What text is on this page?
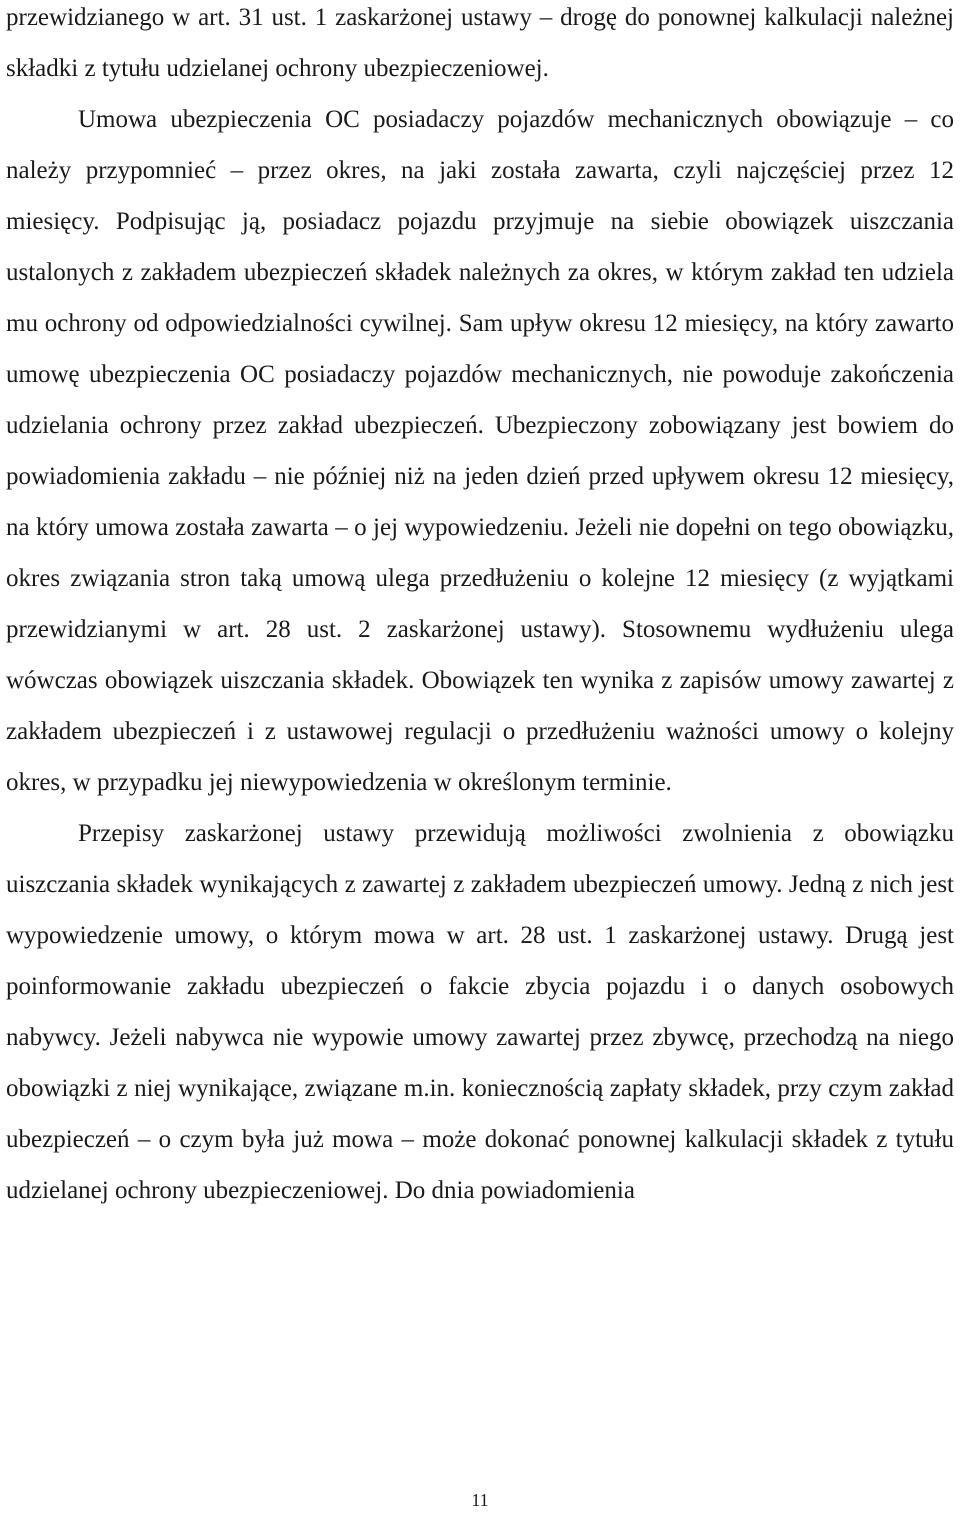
przewidzianego w art. 31 ust. 1 zaskarżonej ustawy – drogę do ponownej kalkulacji należnej składki z tytułu udzielanej ochrony ubezpieczeniowej.

Umowa ubezpieczenia OC posiadaczy pojazdów mechanicznych obowiązuje – co należy przypomnieć – przez okres, na jaki została zawarta, czyli najczęściej przez 12 miesięcy. Podpisując ją, posiadacz pojazdu przyjmuje na siebie obowiązek uiszczania ustalonych z zakładem ubezpieczeń składek należnych za okres, w którym zakład ten udziela mu ochrony od odpowiedzialności cywilnej. Sam upływ okresu 12 miesięcy, na który zawarto umowę ubezpieczenia OC posiadaczy pojazdów mechanicznych, nie powoduje zakończenia udzielania ochrony przez zakład ubezpieczeń. Ubezpieczony zobowiązany jest bowiem do powiadomienia zakładu – nie później niż na jeden dzień przed upływem okresu 12 miesięcy, na który umowa została zawarta – o jej wypowiedzeniu. Jeżeli nie dopełni on tego obowiązku, okres związania stron taką umową ulega przedłużeniu o kolejne 12 miesięcy (z wyjątkami przewidzianymi w art. 28 ust. 2 zaskarżonej ustawy). Stosownemu wydłużeniu ulega wówczas obowiązek uiszczania składek. Obowiązek ten wynika z zapisów umowy zawartej z zakładem ubezpieczeń i z ustawowej regulacji o przedłużeniu ważności umowy o kolejny okres, w przypadku jej niewypowiedzenia w określonym terminie.

Przepisy zaskarżonej ustawy przewidują możliwości zwolnienia z obowiązku uiszczania składek wynikających z zawartej z zakładem ubezpieczeń umowy. Jedną z nich jest wypowiedzenie umowy, o którym mowa w art. 28 ust. 1 zaskarżonej ustawy. Drugą jest poinformowanie zakładu ubezpieczeń o fakcie zbycia pojazdu i o danych osobowych nabywcy. Jeżeli nabywca nie wypowie umowy zawartej przez zbywcę, przechodzą na niego obowiązki z niej wynikające, związane m.in. koniecznością zapłaty składek, przy czym zakład ubezpieczeń – o czym była już mowa – może dokonać ponownej kalkulacji składek z tytułu udzielanej ochrony ubezpieczeniowej. Do dnia powiadomienia

11
